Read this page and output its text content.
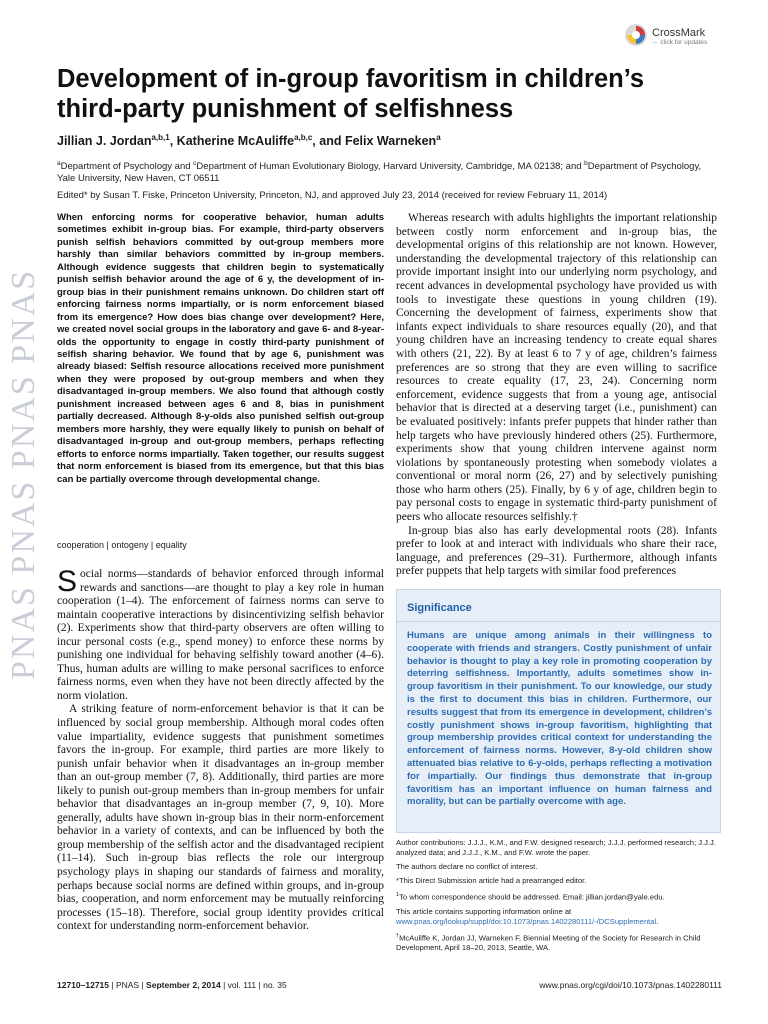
PNAS PNAS PNAS PNAS
CrossMark
← click for updates
Development of in-group favoritism in children’s third-party punishment of selfishness
Jillian J. Jordan$^{a,b,1}$, Katherine McAuliffe$^{a,b,c}$, and Felix Warneken$^a$
$^a$Department of Psychology and $^c$Department of Human Evolutionary Biology, Harvard University, Cambridge, MA 02138; and $^b$Department of Psychology, Yale University, New Haven, CT 06511
Edited* by Susan T. Fiske, Princeton University, Princeton, NJ, and approved July 23, 2014 (received for review February 11, 2014)
When enforcing norms for cooperative behavior, human adults sometimes exhibit in-group bias. For example, third-party observers punish selfish behaviors committed by out-group members more harshly than similar behaviors committed by in-group members. Although evidence suggests that children begin to systematically punish selfish behavior around the age of 6 y, the development of in-group bias in their punishment remains unknown. Do children start off enforcing fairness norms impartially, or is norm enforcement biased from its emergence? How does bias change over development? Here, we created novel social groups in the laboratory and gave 6- and 8-year-olds the opportunity to engage in costly third-party punishment of selfish sharing behavior. We found that by age 6, punishment was already biased: Selfish resource allocations received more punishment when they were proposed by out-group members and when they disadvantaged in-group members. We also found that although costly punishment increased between ages 6 and 8, bias in punishment partially decreased. Although 8-y-olds also punished selfish out-group members more harshly, they were equally likely to punish on behalf of disadvantaged in-group and out-group members, perhaps reflecting efforts to enforce norms impartially. Taken together, our results suggest that norm enforcement is biased from its emergence, but that this bias can be partially overcome through developmental change.
cooperation | ontogeny | equality

Social norms—standards of behavior enforced through informal rewards and sanctions—are thought to play a key role in human cooperation (1–4). The enforcement of fairness norms can serve to maintain cooperative interactions by disincentivizing selfish behavior (2). Experiments show that third-party observers are often willing to incur personal costs (e.g., spend money) to enforce these norms by punishing one individual for behaving selfishly toward another (4–6). Thus, human adults are willing to make personal sacrifices to enforce fairness norms, even when they have not been directly affected by the norm violation.

A striking feature of norm-enforcement behavior is that it can be influenced by social group membership. Although moral codes often value impartiality, evidence suggests that punishment sometimes favors the in-group. For example, third parties are more likely to punish unfair behavior when it disadvantages an in-group member than an out-group member (7, 8). Additionally, third parties are more likely to punish out-group members than in-group members for unfair behavior that disadvantages an in-group member (7, 9, 10). More generally, adults have shown in-group bias in their norm-enforcement behavior in a variety of contexts, and can be influenced by both the group membership of the selfish actor and the disadvantaged recipient (11–14). Such in-group bias reflects the role our intergroup psychology plays in shaping our standards of fairness and morality, perhaps because social norms are defined within groups, and in-group bias, cooperation, and norm enforcement may be mutually reinforcing processes (15–18). Therefore, social group identity provides critical context for understanding norm-enforcement behavior.

Whereas research with adults highlights the important relationship between costly norm enforcement and in-group bias, the developmental origins of this relationship are not known. However, understanding the developmental trajectory of this relationship can provide important insight into our underlying norm psychology, and recent advances in developmental psychology have provided us with tools to investigate these questions in young children (19). Concerning the development of fairness, experiments show that infants expect individuals to share resources equally (20), and that young children have an increasing tendency to create equal shares with others (21, 22). By at least 6 to 7 y of age, children’s fairness preferences are so strong that they are even willing to sacrifice resources to create equality (17, 23, 24). Concerning norm enforcement, evidence suggests that from a young age, antisocial behavior that is directed at a deserving target (i.e., punishment) can be evaluated positively: infants prefer puppets that hinder rather than help targets who have previously hindered others (25). Furthermore, experiments show that young children intervene against norm violations by spontaneously protesting when somebody violates a conventional or moral norm (26, 27) and by selectively punishing those who harm others (25). Finally, by 6 y of age, children begin to pay personal costs to engage in systematic third-party punishment of peers who allocate resources selfishly.†

In-group bias also has early developmental roots (28). Infants prefer to look at and interact with individuals who share their race, language, and preferences (29–31). Furthermore, although infants prefer puppets that help targets with similar food preferences

Significance
Humans are unique among animals in their willingness to cooperate with friends and strangers. Costly punishment of unfair behavior is thought to play a key role in promoting cooperation by deterring selfishness. Importantly, adults sometimes show in-group favoritism in their punishment. To our knowledge, our study is the first to document this bias in children. Furthermore, our results suggest that from its emergence in development, children’s costly punishment shows in-group favoritism, highlighting that group membership provides critical context for understanding the enforcement of fairness norms. However, 8-y-old children show attenuated bias relative to 6-y-olds, perhaps reflecting a motivation for impartially. Our findings thus demonstrate that in-group favoritism has an important influence on human fairness and morality, but can be partially overcome with age.

Author contributions: J.J.J., K.M., and F.W. designed research; J.J.J. performed research; J.J.J. analyzed data; and J.J.J., K.M., and F.W. wrote the paper.

The authors declare no conflict of interest.

*This Direct Submission article had a prearranged editor.

$^1$To whom correspondence should be addressed. Email: jillian.jordan@yale.edu.

This article contains supporting information online at www.pnas.org/lookup/suppl/doi:10.1073/pnas.1402280111/-/DCSupplemental.

†McAuliffe K, Jordan JJ, Warneken F, Biennial Meeting of the Society for Research in Child Development, April 18–20, 2013, Seattle, WA.

12710–12715 | PNAS | September 2, 2014 | vol. 111 | no. 35	www.pnas.org/cgi/doi/10.1073/pnas.1402280111
